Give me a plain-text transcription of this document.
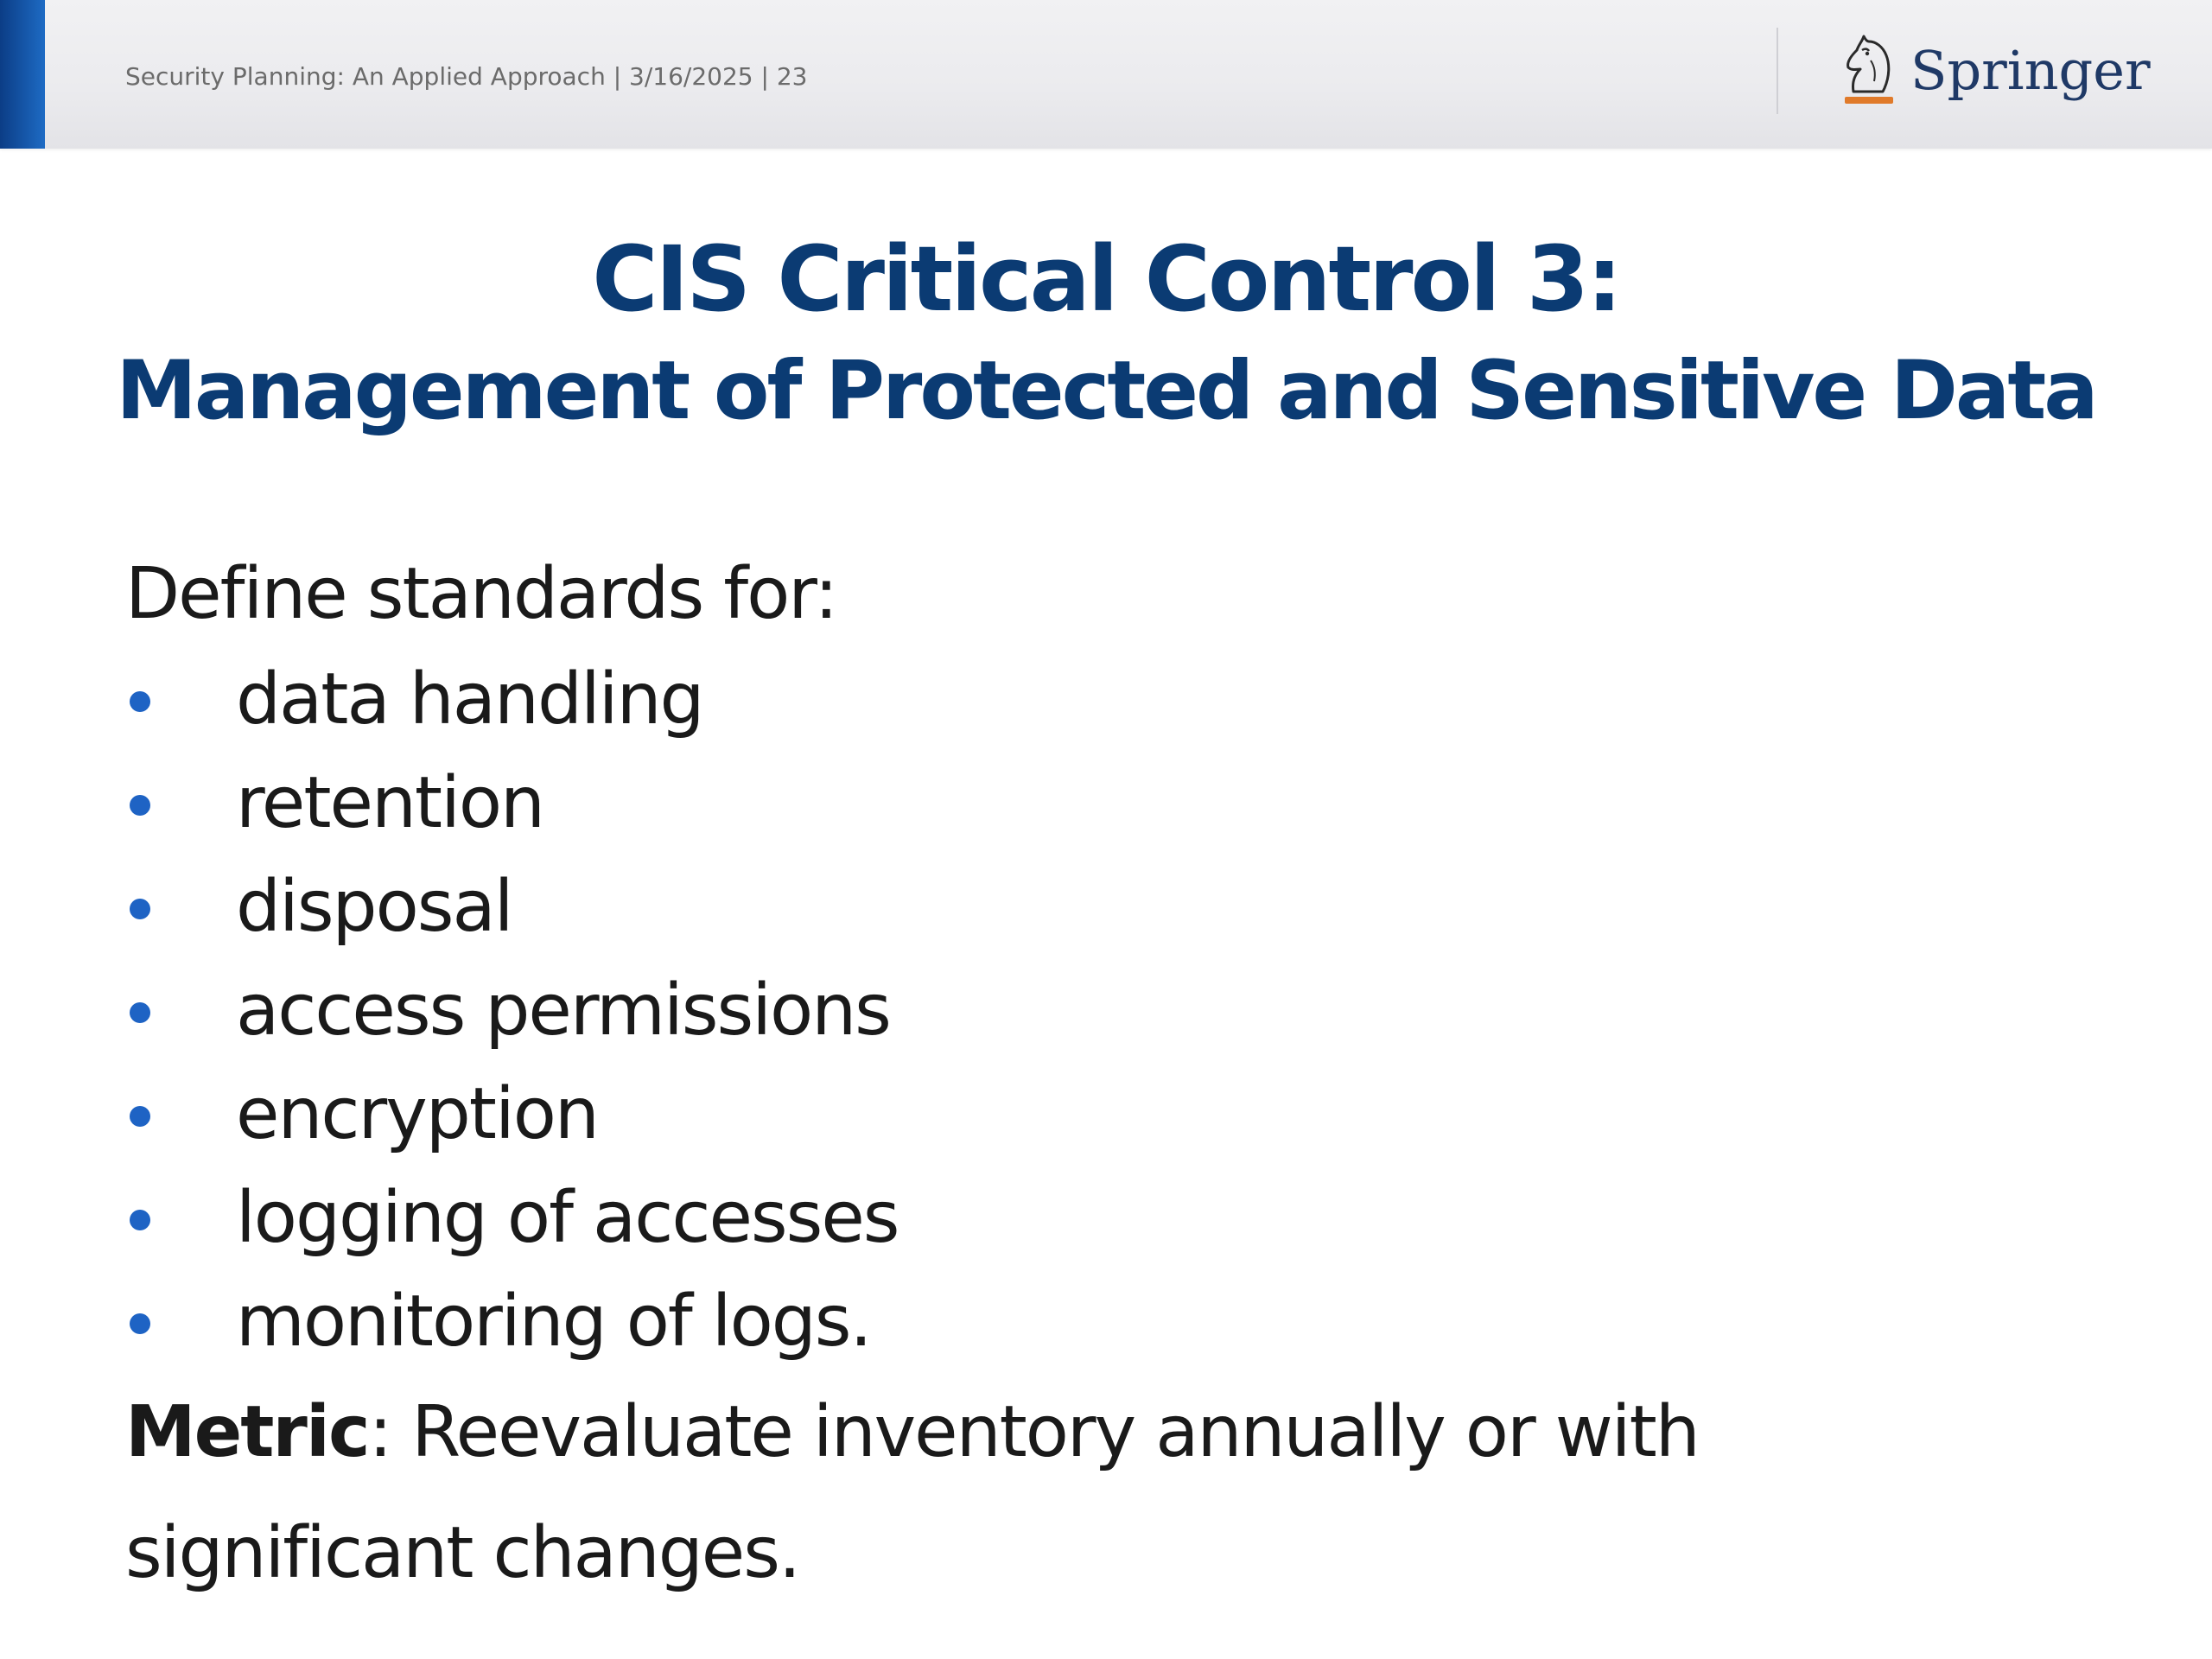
Security Planning: An Applied Approach | 3/16/2025 | 23	Springer
CIS Critical Control 3:
Management of Protected and Sensitive Data
Define standards for:
data handling
retention
disposal
access permissions
encryption
logging of accesses
monitoring of logs.
Metric: Reevaluate inventory annually or with
significant changes.
